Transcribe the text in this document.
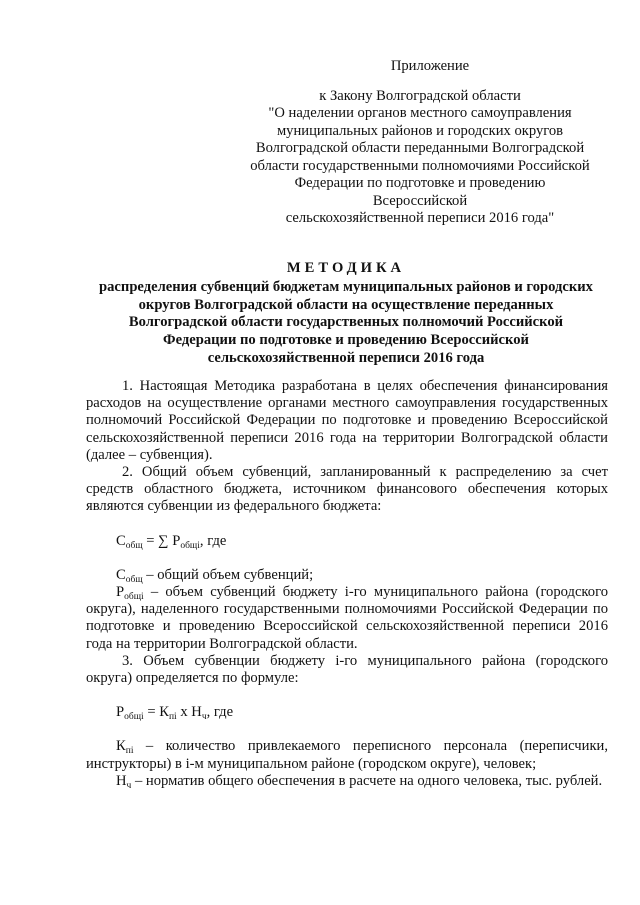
Приложение
к Закону Волгоградской области
"О наделении органов местного самоуправления
муниципальных районов и городских округов
Волгоградской области переданными Волгоградской
области государственными полномочиями Российской
Федерации по подготовке и проведению Всероссийской
сельскохозяйственной переписи 2016 года"
МЕТОДИКА
распределения субвенций бюджетам муниципальных районов и городских
округов Волгоградской области на осуществление переданных
Волгоградской области государственных полномочий Российской
Федерации по подготовке и проведению Всероссийской
сельскохозяйственной переписи 2016 года

1. Настоящая Методика разработана в целях обеспечения финансирования расходов на осуществление органами местного самоуправления государственных полномочий Российской Федерации по подготовке и проведению Всероссийской сельскохозяйственной переписи 2016 года на территории Волгоградской области (далее – субвенция).

2. Общий объем субвенций, запланированный к распределению за счет средств областного бюджета, источником финансового обеспечения которых являются субвенции из федерального бюджета:

$С_{общ}$ = ∑ $Р_{общi}$, где

$С_{общ}$ – общий объем субвенций;

$Р_{общi}$ – объем субвенций бюджету i-го муниципального района (городского округа), наделенного государственными полномочиями Российской Федерации по подготовке и проведению Всероссийской сельскохозяйственной переписи 2016 года на территории Волгоградской области.

3. Объем субвенции бюджету i-го муниципального района (городского округа) определяется по формуле:

$Р_{общi} = К_{пi}$ х $Н_ч$, где

$К_{пi}$ – количество привлекаемого переписного персонала (переписчики, инструкторы) в i-м муниципальном районе (городском округе), человек;

$Н_ч$ – норматив общего обеспечения в расчете на одного человека, тыс. рублей.
